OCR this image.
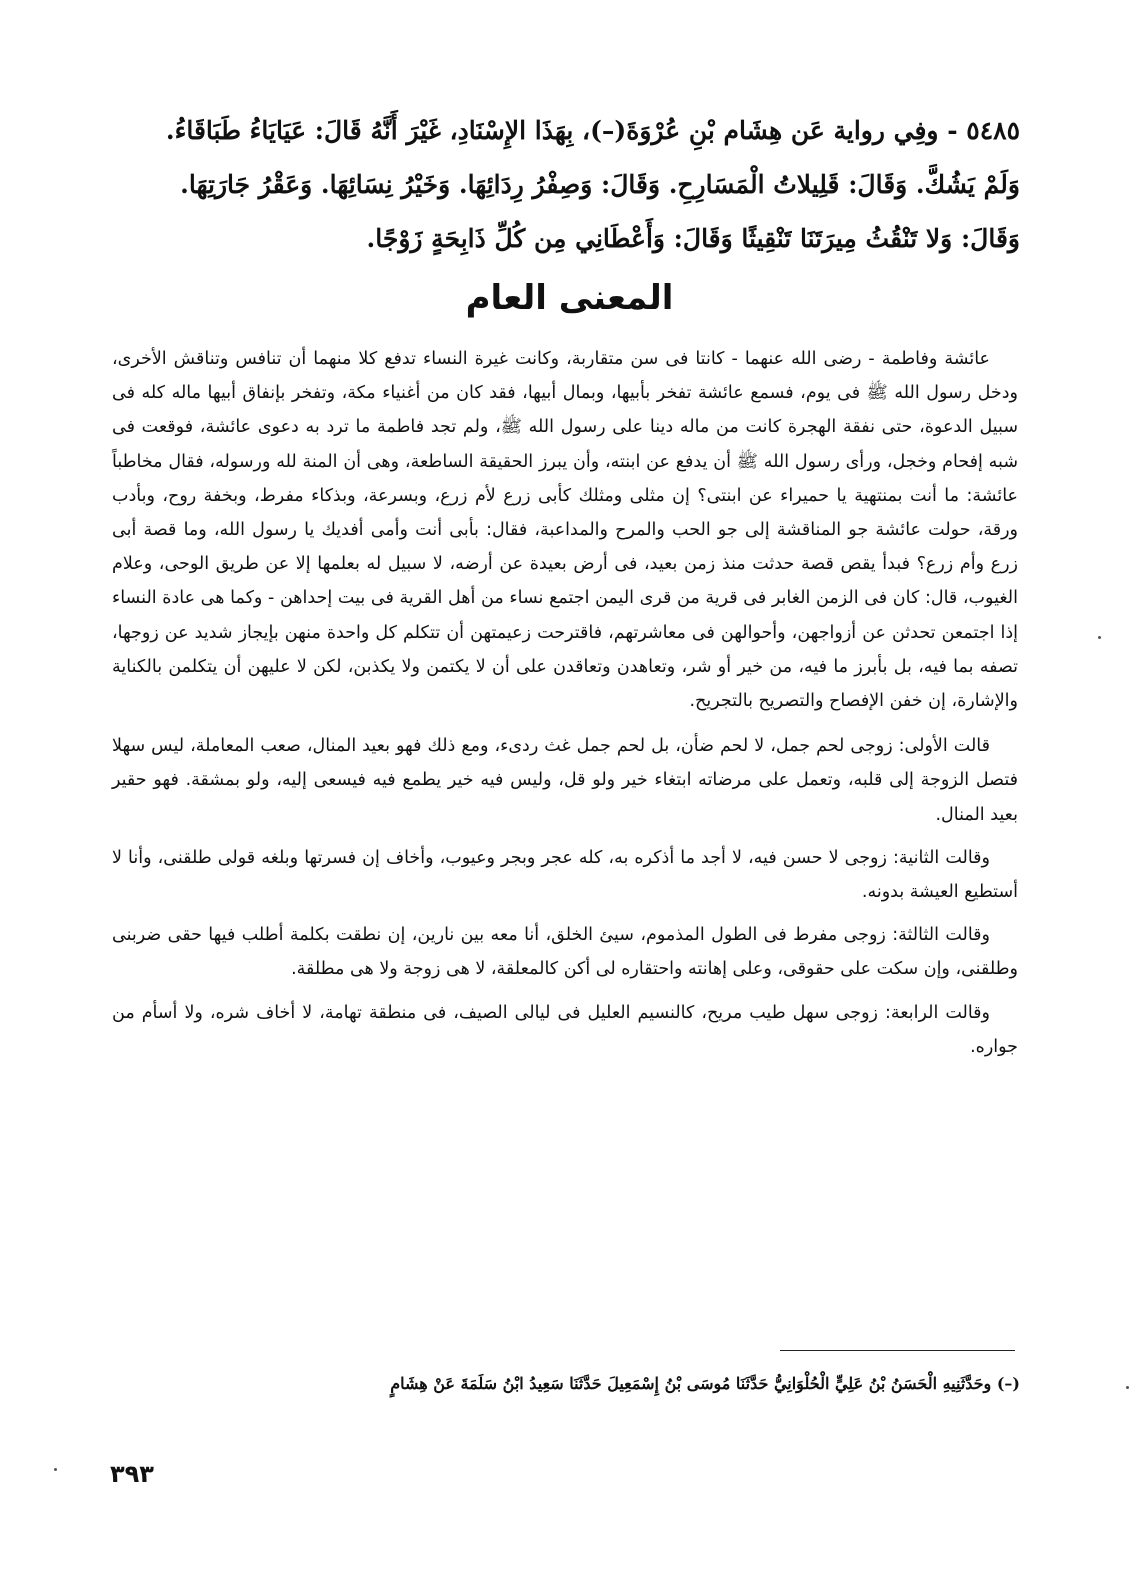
٥٤٨٥ - وفِي رواية عَن هِشَام بْنِ عُرْوَةَ(–)، بِهَذَا الإِسْنَادِ، غَيْرَ أَنَّهُ قَالَ: عَيَايَاءُ طَبَاقَاءُ.
وَلَمْ يَشُكَّ. وَقَالَ: قَلِيلاتُ الْمَسَارِحِ. وَقَالَ: وَصِفْرُ رِدَائِهَا. وَخَيْرُ نِسَائِهَا. وَعَقْرُ جَارَتِهَا.
وَقَالَ: وَلا تَنْقُثُ مِيرَتَنَا تَنْقِيثًا وَقَالَ: وَأَعْطَانِي مِن كُلِّ ذَابِحَةٍ زَوْجًا.
المعنى العام

عائشة وفاطمة - رضى الله عنهما - كانتا فى سن متقاربة، وكانت غيرة النساء تدفع كلا منهما أن تنافس وتناقش الأخرى، ودخل رسول الله ﷺ فى يوم، فسمع عائشة تفخر بأبيها، وبمال أبيها، فقد كان من أغنياء مكة، وتفخر بإنفاق أبيها ماله كله فى سبيل الدعوة، حتى نفقة الهجرة كانت من ماله دينا على رسول الله ﷺ، ولم تجد فاطمة ما ترد به دعوى عائشة، فوقعت فى شبه إفحام وخجل، ورأى رسول الله ﷺ أن يدفع عن ابنته، وأن يبرز الحقيقة الساطعة، وهى أن المنة لله ورسوله، فقال مخاطباً عائشة: ما أنت بمنتهية يا حميراء عن ابنتى؟ إن مثلى ومثلك كأبى زرع لأم زرع، وبسرعة، وبذكاء مفرط، وبخفة روح، وبأدب ورقة، حولت عائشة جو المناقشة إلى جو الحب والمرح والمداعبة، فقال: بأبى أنت وأمى أفديك يا رسول الله، وما قصة أبى زرع وأم زرع؟ فبدأ يقص قصة حدثت منذ زمن بعيد، فى أرض بعيدة عن أرضه، لا سبيل له بعلمها إلا عن طريق الوحى، وعلام الغيوب، قال: كان فى الزمن الغابر فى قرية من قرى اليمن اجتمع نساء من أهل القرية فى بيت إحداهن - وكما هى عادة النساء إذا اجتمعن تحدثن عن أزواجهن، وأحوالهن فى معاشرتهم، فاقترحت زعيمتهن أن تتكلم كل واحدة منهن بإيجاز شديد عن زوجها، تصفه بما فيه، بل بأبرز ما فيه، من خير أو شر، وتعاهدن وتعاقدن على أن لا يكتمن ولا يكذبن، لكن لا عليهن أن يتكلمن بالكناية والإشارة، إن خفن الإفصاح والتصريح بالتجريح.

قالت الأولى: زوجى لحم جمل، لا لحم ضأن، بل لحم جمل غث ردىء، ومع ذلك فهو بعيد المنال، صعب المعاملة، ليس سهلا فتصل الزوجة إلى قلبه، وتعمل على مرضاته ابتغاء خير ولو قل، وليس فيه خير يطمع فيه فيسعى إليه، ولو بمشقة. فهو حقير بعيد المنال.

وقالت الثانية: زوجى لا حسن فيه، لا أجد ما أذكره به، كله عجر وبجر وعيوب، وأخاف إن فسرتها وبلغه قولى طلقنى، وأنا لا أستطيع العيشة بدونه.

وقالت الثالثة: زوجى مفرط فى الطول المذموم، سيئ الخلق، أنا معه بين نارين، إن نطقت بكلمة أطلب فيها حقى ضربنى وطلقنى، وإن سكت على حقوقى، وعلى إهانته واحتقاره لى أكن كالمعلقة، لا هى زوجة ولا هى مطلقة.

وقالت الرابعة: زوجى سهل طيب مريح، كالنسيم العليل فى ليالى الصيف، فى منطقة تهامة، لا أخاف شره، ولا أسأم من جواره.

(–) وحَدَّثَنِيهِ الْحَسَنُ بْنُ عَلِيٍّ الْحُلْوَانِيُّ حَدَّثَنَا مُوسَى بْنُ إِسْمَعِيلَ حَدَّثَنَا سَعِيدُ ابْنُ سَلَمَةَ عَنْ هِشَامٍ
٣٩٣
